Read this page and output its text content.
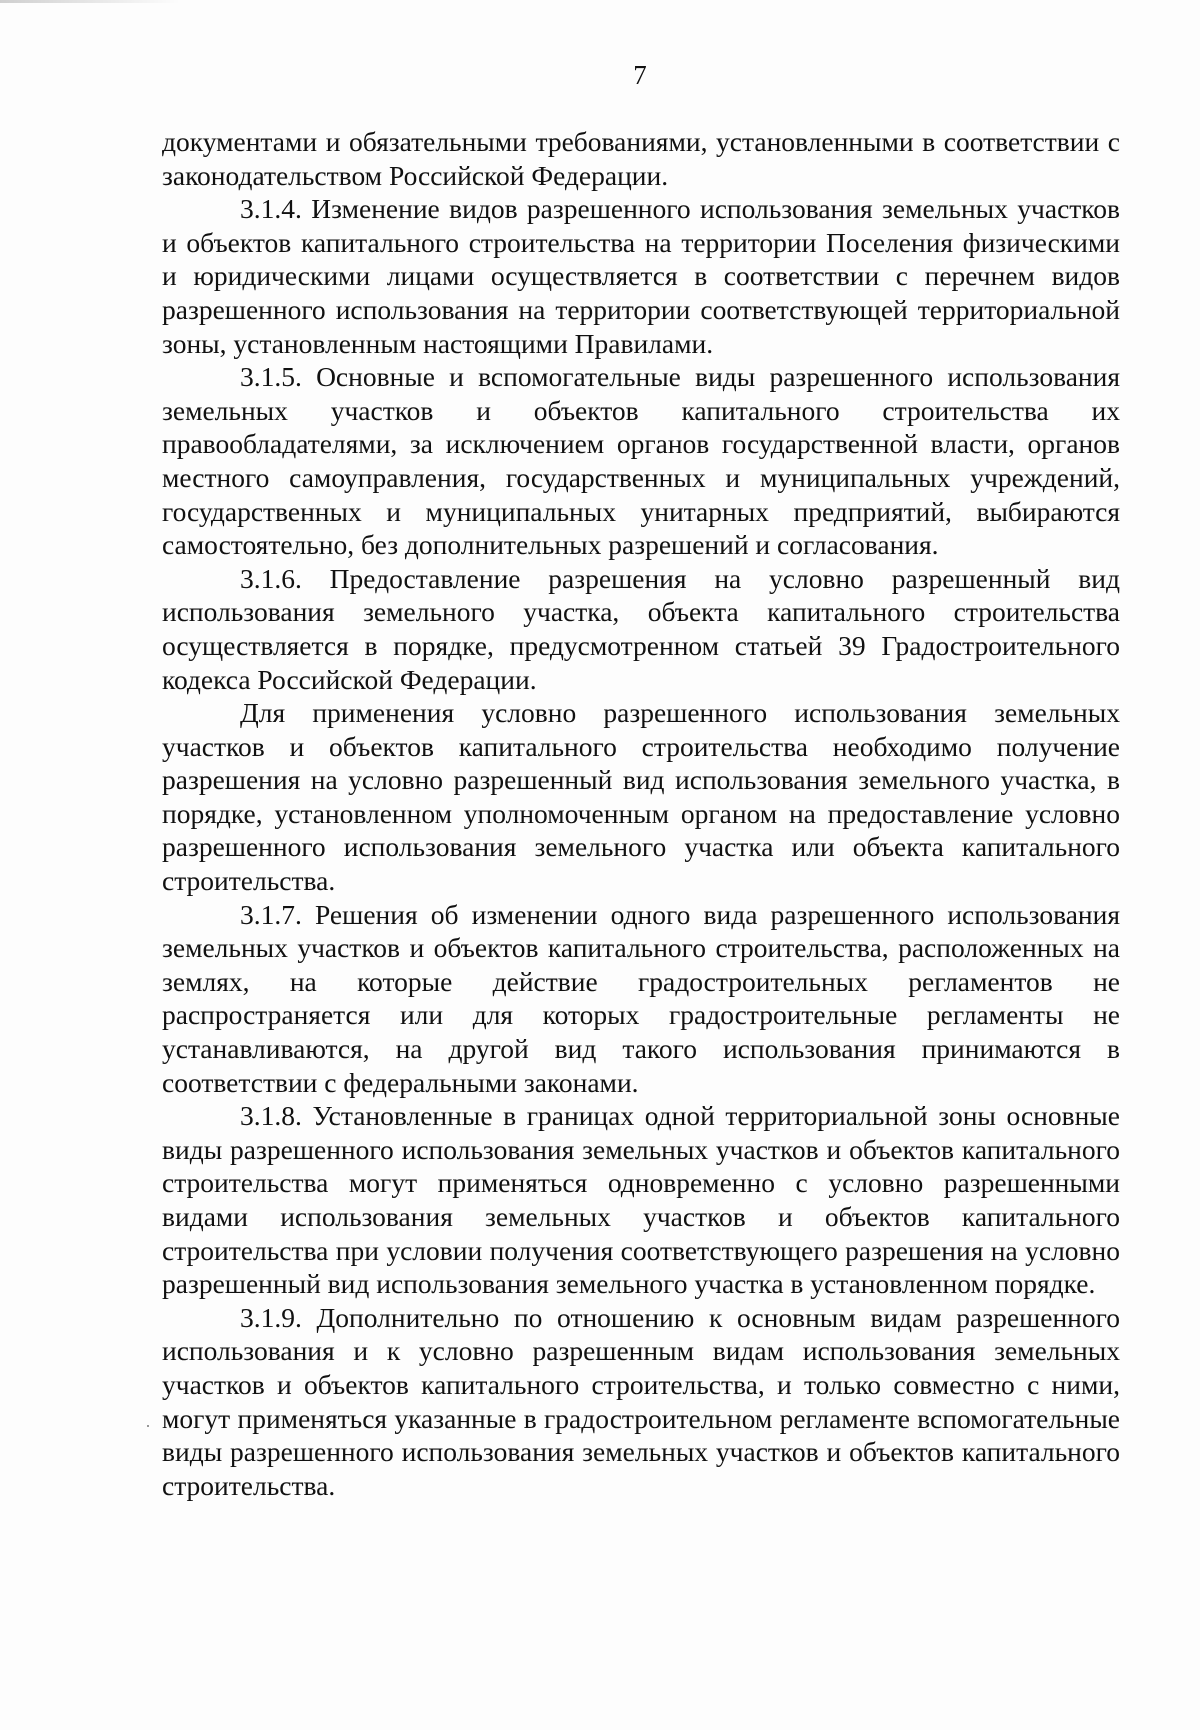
7

документами и обязательными требованиями, установленными в соответствии с законодательством Российской Федерации.

3.1.4. Изменение видов разрешенного использования земельных участков и объектов капитального строительства на территории Поселения физическими и юридическими лицами осуществляется в соответствии с перечнем видов разрешенного использования на территории соответствующей территориальной зоны, установленным настоящими Правилами.

3.1.5. Основные и вспомогательные виды разрешенного использования земельных участков и объектов капитального строительства их правообладателями, за исключением органов государственной власти, органов местного самоуправления, государственных и муниципальных учреждений, государственных и муниципальных унитарных предприятий, выбираются самостоятельно, без дополнительных разрешений и согласования.

3.1.6. Предоставление разрешения на условно разрешенный вид использования земельного участка, объекта капитального строительства осуществляется в порядке, предусмотренном статьей 39 Градостроительного кодекса Российской Федерации.

Для применения условно разрешенного использования земельных участков и объектов капитального строительства необходимо получение разрешения на условно разрешенный вид использования земельного участка, в порядке, установленном уполномоченным органом на предоставление условно разрешенного использования земельного участка или объекта капитального строительства.

3.1.7. Решения об изменении одного вида разрешенного использования земельных участков и объектов капитального строительства, расположенных на землях, на которые действие градостроительных регламентов не распространяется или для которых градостроительные регламенты не устанавливаются, на другой вид такого использования принимаются в соответствии с федеральными законами.

3.1.8. Установленные в границах одной территориальной зоны основные виды разрешенного использования земельных участков и объектов капитального строительства могут применяться одновременно с условно разрешенными видами использования земельных участков и объектов капитального строительства при условии получения соответствующего разрешения на условно разрешенный вид использования земельного участка в установленном порядке.

3.1.9. Дополнительно по отношению к основным видам разрешенного использования и к условно разрешенным видам использования земельных участков и объектов капитального строительства, и только совместно с ними, могут применяться указанные в градостроительном регламенте вспомогательные виды разрешенного использования земельных участков и объектов капитального строительства.
